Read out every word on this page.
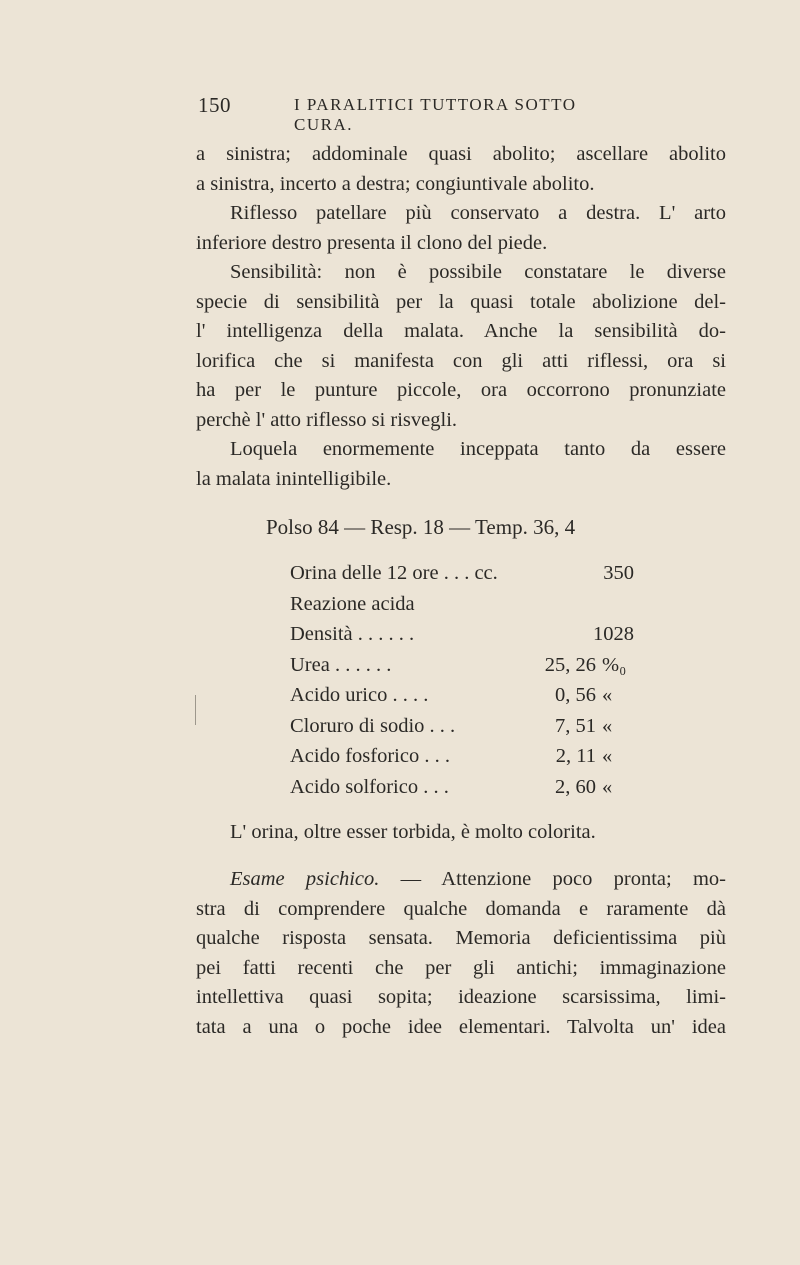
150	I PARALITICI TUTTORA SOTTO CURA.
a sinistra; addominale quasi abolito; ascellare abolito
a sinistra, incerto a destra; congiuntivale abolito.
Riflesso patellare più conservato a destra. L' arto
inferiore destro presenta il clono del piede.
Sensibilità: non è possibile constatare le diverse
specie di sensibilità per la quasi totale abolizione del-
l' intelligenza della malata. Anche la sensibilità do-
lorifica che si manifesta con gli atti riflessi, ora si
ha per le punture piccole, ora occorrono pronunziate
perchè l' atto riflesso si risvegli.
Loquela enormemente inceppata tanto da essere
la malata inintelligibile.
Polso 84 — Resp. 18 — Temp. 36, 4
Orina delle 12 ore . . . cc.	350
Reazione acida
Densità . . . . . .	1028
Urea . . . . . .	25, 26 %₀
Acido urico . . . .	0, 56 «
Cloruro di sodio . . .	7, 51 «
Acido fosforico . . .	2, 11 «
Acido solforico . . .	2, 60 «
L' orina, oltre esser torbida, è molto colorita.
Esame psichico. — Attenzione poco pronta; mo-
stra di comprendere qualche domanda e raramente dà
qualche risposta sensata. Memoria deficientissima più
pei fatti recenti che per gli antichi; immaginazione
intellettiva quasi sopita; ideazione scarsissima, limi-
tata a una o poche idee elementari. Talvolta un' idea
